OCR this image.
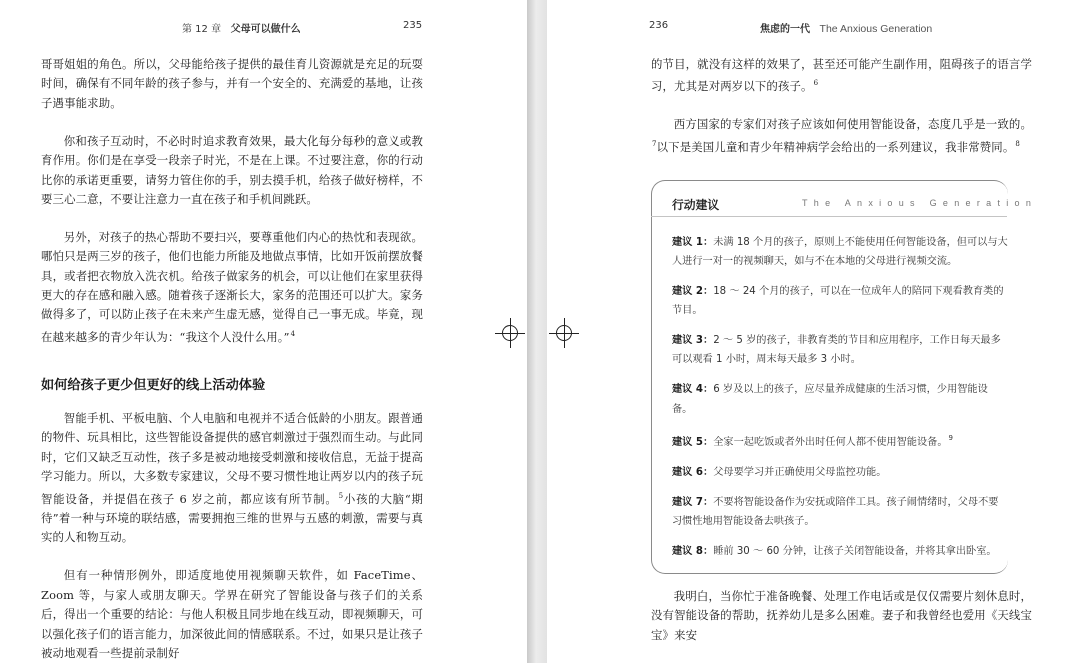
第 12 章 父母可以做什么	235

哥哥姐姐的角色。所以，父母能给孩子提供的最佳育儿资源就是充足的玩耍时间，确保有不同年龄的孩子参与，并有一个安全的、充满爱的基地，让孩子遇事能求助。

你和孩子互动时，不必时时追求教育效果，最大化每分每秒的意义或教育作用。你们是在享受一段亲子时光，不是在上课。不过要注意，你的行动比你的承诺更重要，请努力管住你的手，别去摸手机，给孩子做好榜样，不要三心二意，不要让注意力一直在孩子和手机间跳跃。

另外，对孩子的热心帮助不要扫兴，要尊重他们内心的热忱和表现欲。哪怕只是两三岁的孩子，他们也能力所能及地做点事情，比如开饭前摆放餐具，或者把衣物放入洗衣机。给孩子做家务的机会，可以让他们在家里获得更大的存在感和融入感。随着孩子逐渐长大，家务的范围还可以扩大。家务做得多了，可以防止孩子在未来产生虚无感，觉得自己一事无成。毕竟，现在越来越多的青少年认为：“我这个人没什么用。”$^4$

如何给孩子更少但更好的线上活动体验

智能手机、平板电脑、个人电脑和电视并不适合低龄的小朋友。跟普通的物件、玩具相比，这些智能设备提供的感官刺激过于强烈而生动。与此同时，它们又缺乏互动性，孩子多是被动地接受刺激和接收信息，无益于提高学习能力。所以，大多数专家建议，父母不要习惯性地让两岁以内的孩子玩智能设备，并提倡在孩子 6 岁之前，都应该有所节制。$^5$小孩的大脑“期待”着一种与环境的联结感，需要拥抱三维的世界与五感的刺激，需要与真实的人和物互动。

但有一种情形例外，即适度地使用视频聊天软件，如 FaceTime、Zoom 等，与家人或朋友聊天。学界在研究了智能设备与孩子们的关系后，得出一个重要的结论：与他人积极且同步地在线互动，即视频聊天，可以强化孩子们的语言能力，加深彼此间的情感联系。不过，如果只是让孩子被动地观看一些提前录制好

236	焦虑的一代 The Anxious Generation

的节目，就没有这样的效果了，甚至还可能产生副作用，阻碍孩子的语言学习，尤其是对两岁以下的孩子。$^6$

西方国家的专家们对孩子应该如何使用智能设备，态度几乎是一致的。$^7$以下是美国儿童和青少年精神病学会给出的一系列建议，我非常赞同。$^8$

行动建议	The Anxious Generation

建议 1：未满 18 个月的孩子，原则上不能使用任何智能设备，但可以与大人进行一对一的视频聊天，如与不在本地的父母进行视频交流。

建议 2：18 ～ 24 个月的孩子，可以在一位成年人的陪同下观看教育类的节目。

建议 3：2 ～ 5 岁的孩子，非教育类的节目和应用程序，工作日每天最多可以观看 1 小时，周末每天最多 3 小时。

建议 4：6 岁及以上的孩子，应尽量养成健康的生活习惯，少用智能设备。

建议 5：全家一起吃饭或者外出时任何人都不使用智能设备。$^9$

建议 6：父母要学习并正确使用父母监控功能。

建议 7：不要将智能设备作为安抚或陪伴工具。孩子闹情绪时，父母不要习惯性地用智能设备去哄孩子。

建议 8：睡前 30 ～ 60 分钟，让孩子关闭智能设备，并将其拿出卧室。

我明白，当你忙于准备晚餐、处理工作电话或是仅仅需要片刻休息时，没有智能设备的帮助，抚养幼儿是多么困难。妻子和我曾经也爱用《天线宝宝》来安
